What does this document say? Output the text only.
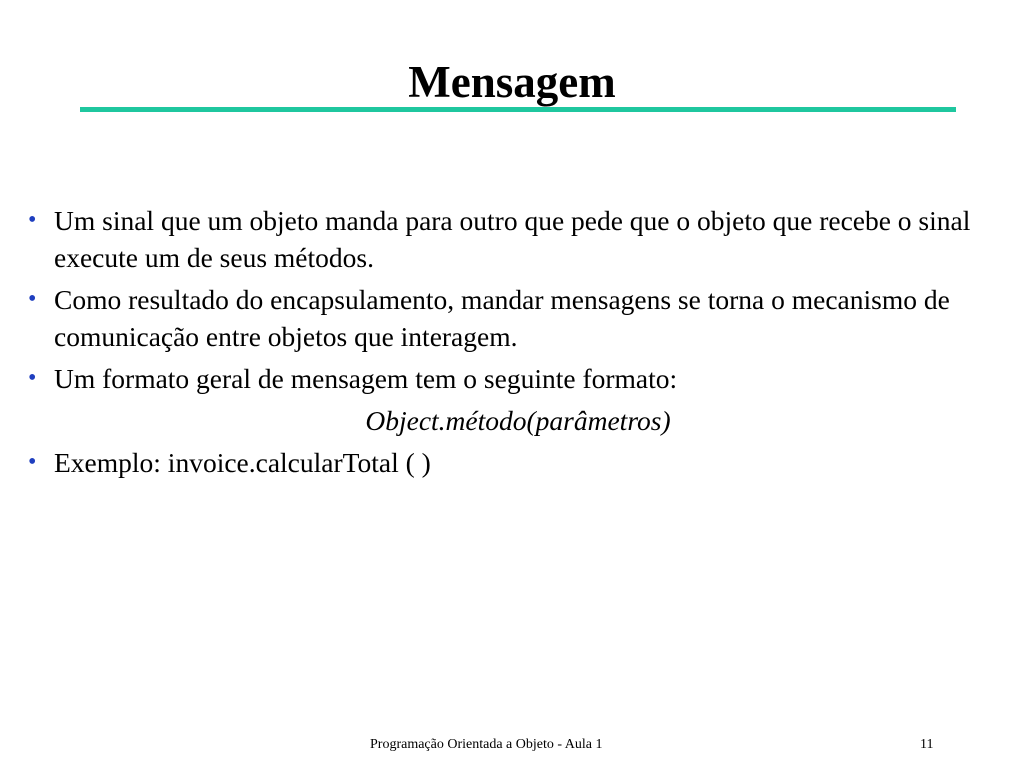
Mensagem
• Um sinal que um objeto manda para outro que pede que o objeto que recebe o sinal execute um de seus métodos.
• Como resultado do encapsulamento, mandar mensagens se torna o mecanismo de comunicação entre objetos que interagem.
• Um formato geral de mensagem tem o seguinte formato:
Object.método(parâmetros)
• Exemplo: invoice.calcularTotal ( )
Programação Orientada a Objeto - Aula 1	11
